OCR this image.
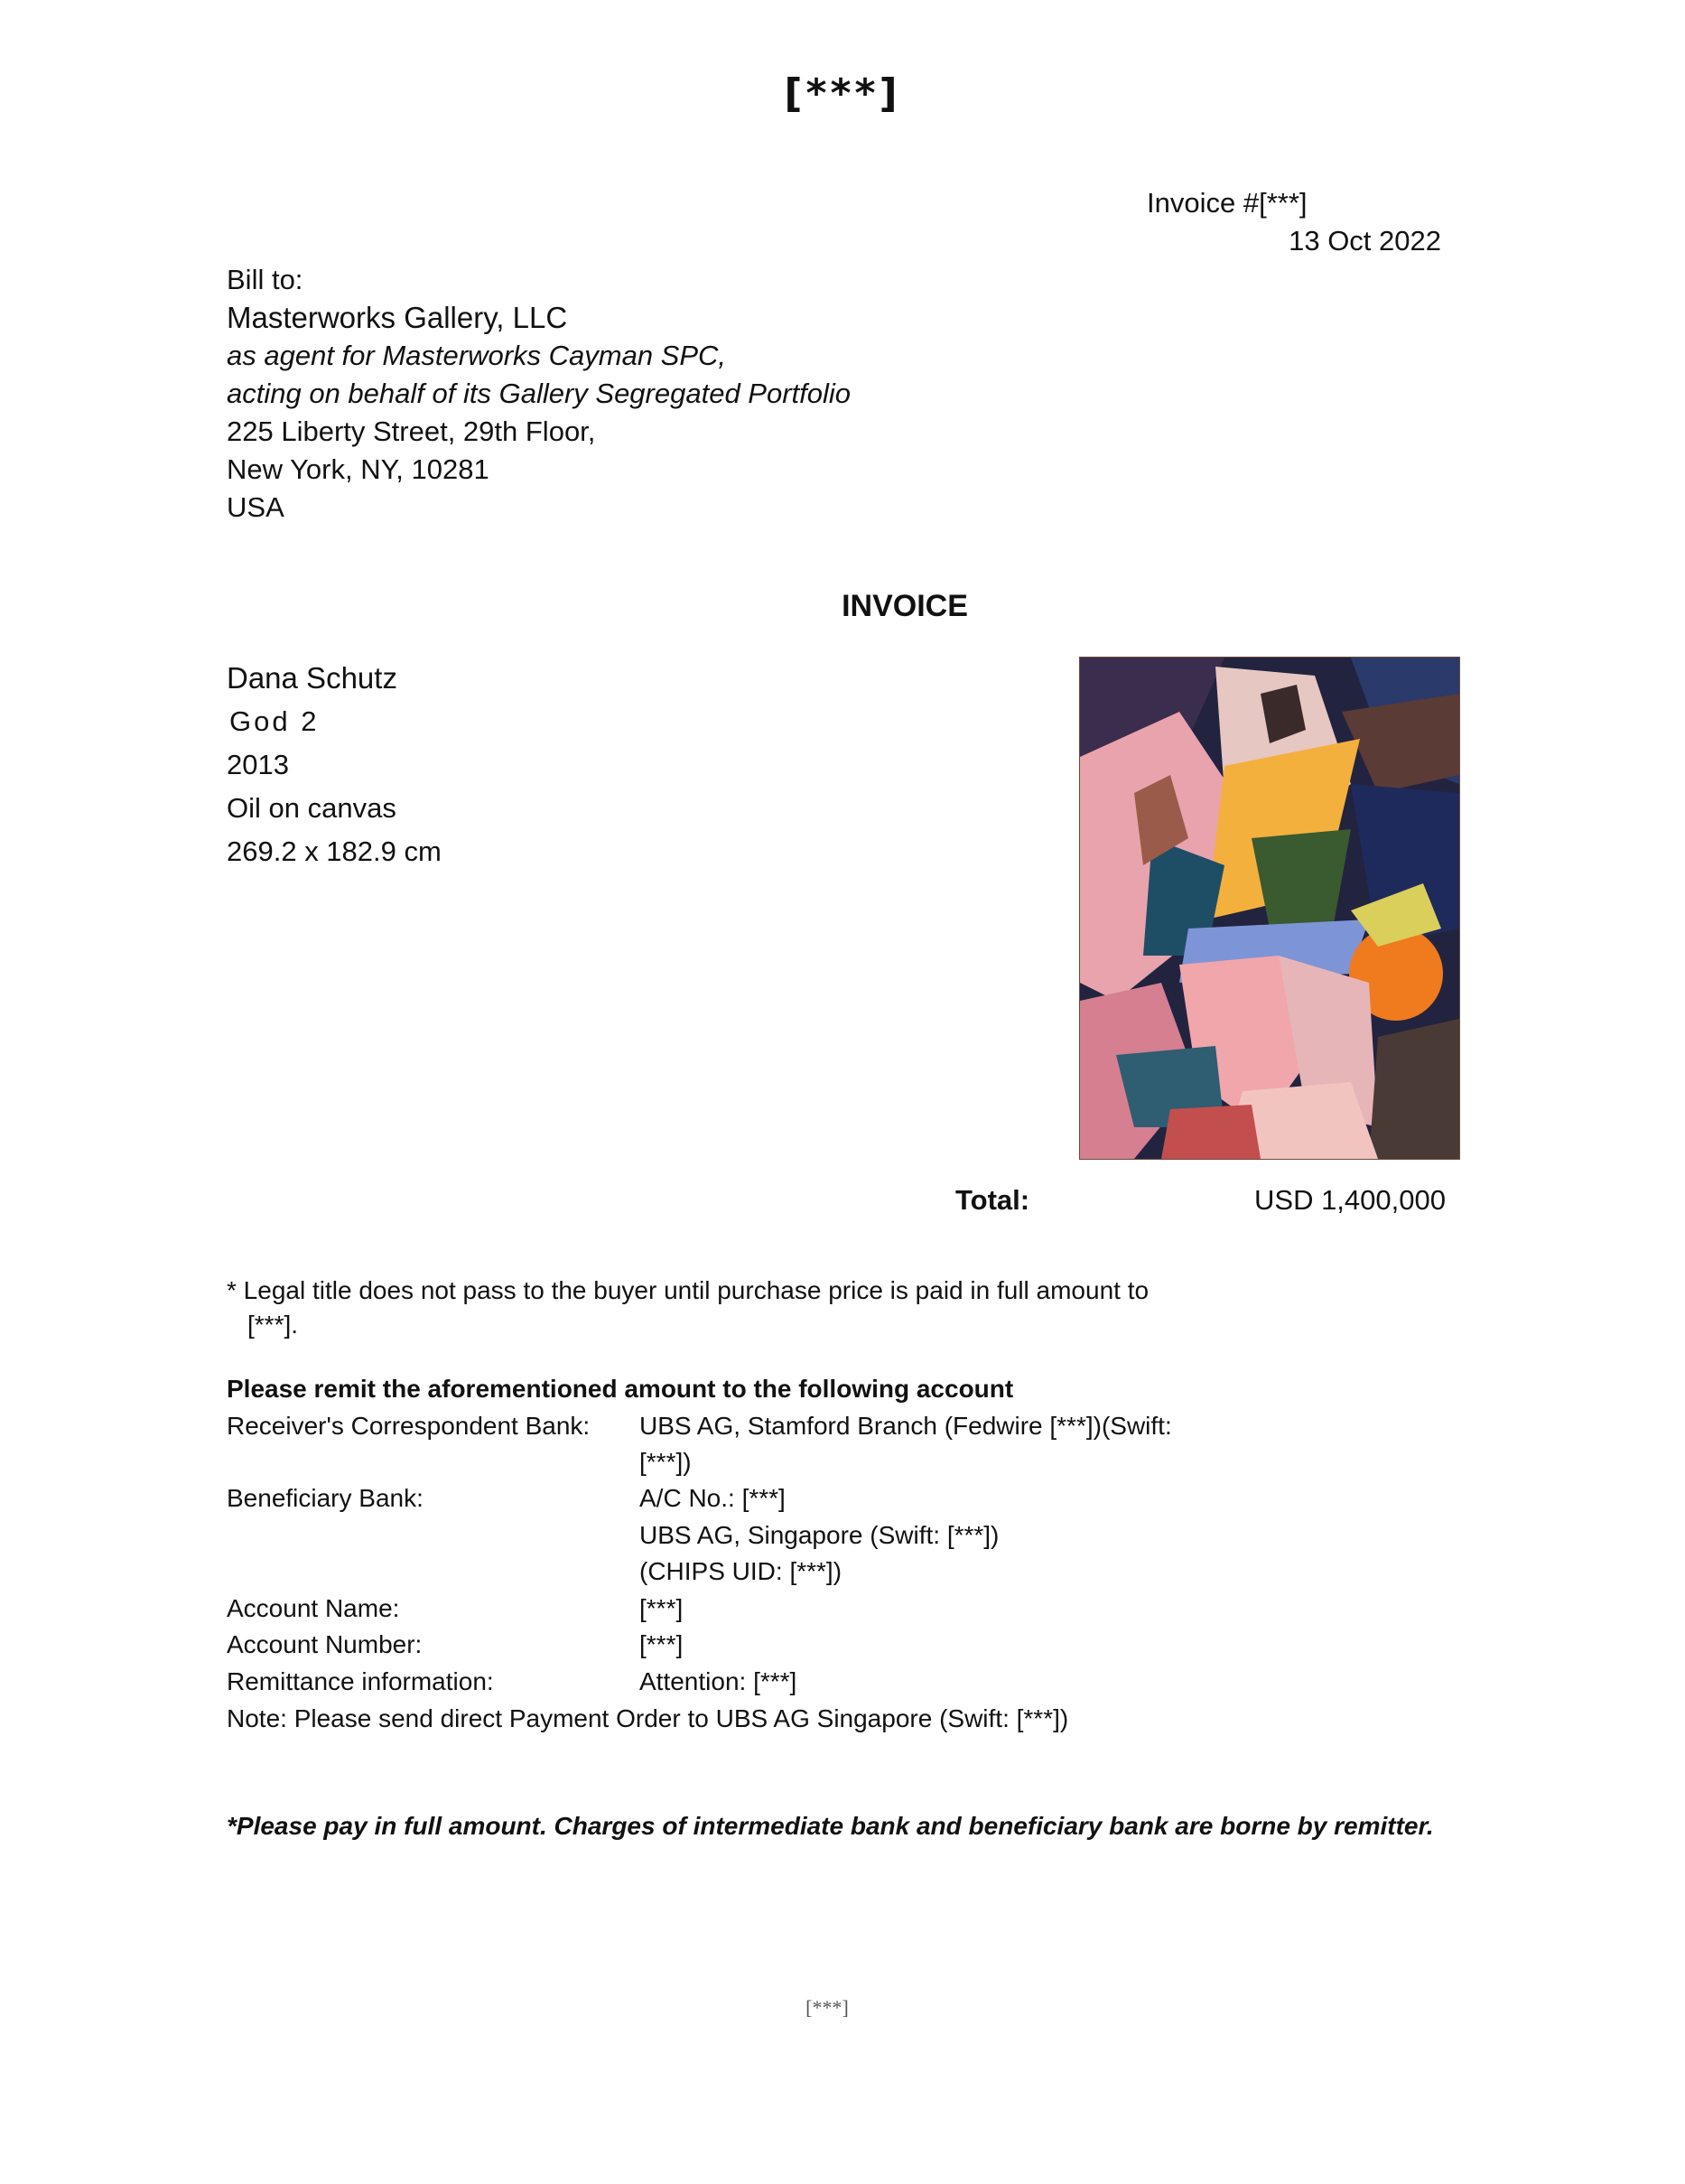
[***]
Invoice #[***]
13 Oct 2022
Bill to:
Masterworks Gallery, LLC
as agent for Masterworks Cayman SPC,
acting on behalf of its Gallery Segregated Portfolio
225 Liberty Street, 29th Floor,
New York, NY, 10281
USA
INVOICE
Dana Schutz
God 2
2013
Oil on canvas
269.2 x 182.9 cm
Total:	USD 1,400,000
* Legal title does not pass to the buyer until purchase price is paid in full amount to
[***].
Please remit the aforementioned amount to the following account
Receiver's Correspondent Bank: UBS AG, Stamford Branch (Fedwire [***])(Swift:
[***])
Beneficiary Bank:	A/C No.: [***]
UBS AG, Singapore (Swift: [***])
(CHIPS UID: [***])
Account Name:	[***]
Account Number:	[***]
Remittance information:	Attention: [***]
Note: Please send direct Payment Order to UBS AG Singapore (Swift: [***])
*Please pay in full amount. Charges of intermediate bank and beneficiary bank are borne by remitter.
[***]
